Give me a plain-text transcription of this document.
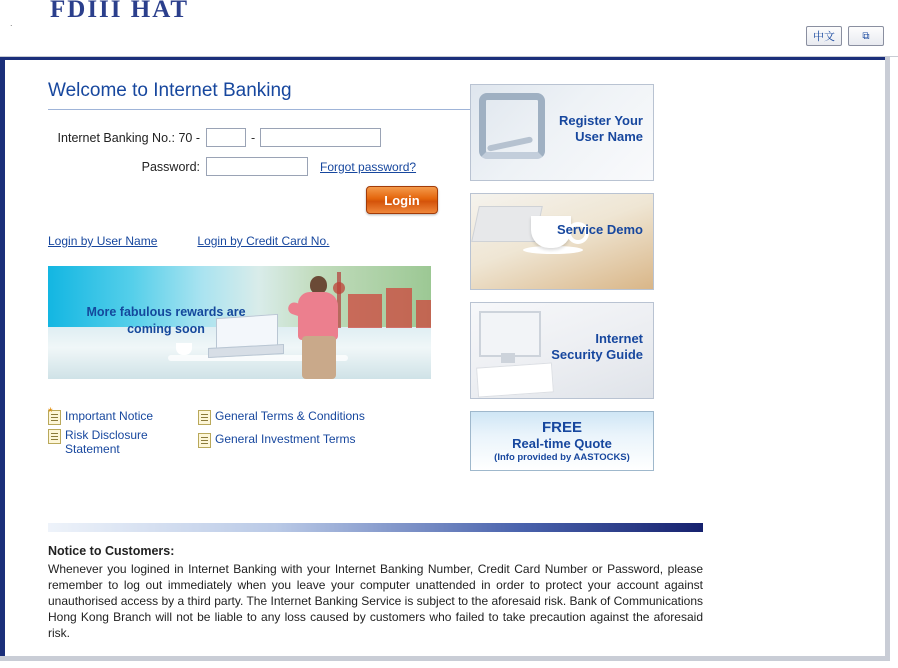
. FDIII HAT
中文	⧉
Welcome to Internet Banking
Internet Banking No.: 70 -	-
Password:	Forgot password?
Login
Login by User Name	Login by Credit Card No.
More fabulous rewards are
coming soon
*
Important Notice
Risk Disclosure Statement
General Terms & Conditions
General Investment Terms
Register Your
User Name
Service Demo
Internet
Security Guide
FREE
Real-time Quote
(Info provided by AASTOCKS)
Notice to Customers:
Whenever you logined in Internet Banking with your Internet Banking Number, Credit Card Number or Password, please remember to log out immediately when you leave your computer unattended in order to protect your account against unauthorised access by a third party. The Internet Banking Service is subject to the aforesaid risk. Bank of Communications Hong Kong Branch will not be liable to any loss caused by customers who failed to take precaution against the aforesaid risk.
